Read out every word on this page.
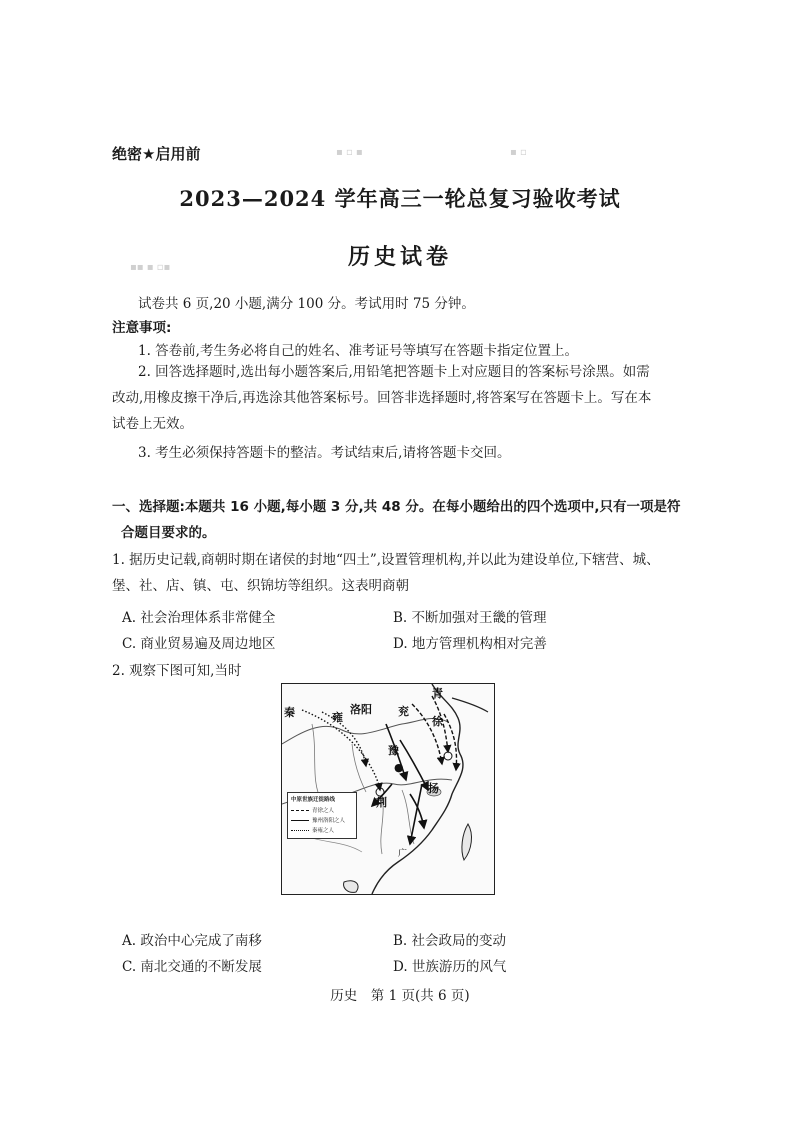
▪ ▫ ▪	▪ ▫
▪▪ ▪ ▫▪
绝密★启用前
2023—2024 学年高三一轮总复习验收考试
历史试卷
试卷共 6 页,20 小题,满分 100 分。考试用时 75 分钟。
注意事项:
1. 答卷前,考生务必将自己的姓名、准考证号等填写在答题卡指定位置上。
2. 回答选择题时,选出每小题答案后,用铅笔把答题卡上对应题目的答案标号涂黑。如需改动,用橡皮擦干净后,再选涂其他答案标号。回答非选择题时,将答案写在答题卡上。写在本试卷上无效。
3. 考生必须保持答题卡的整洁。考试结束后,请将答题卡交回。
一、选择题:本题共 16 小题,每小题 3 分,共 48 分。在每小题给出的四个选项中,只有一项是符合题目要求的。
1. 据历史记载,商朝时期在诸侯的封地“四土”,设置管理机构,并以此为建设单位,下辖营、城、堡、社、店、镇、屯、织锦坊等组织。这表明商朝
A. 社会治理体系非常健全	B. 不断加强对王畿的管理
C. 商业贸易遍及周边地区	D. 地方管理机构相对完善
2. 观察下图可知,当时
青
秦	雍
洛阳 兖
徐
豫
●
荆
扬
广
中原世族迁徙路线
青徐之人
豫州洛阳之人
秦雍之人
A. 政治中心完成了南移	B. 社会政局的变动
C. 南北交通的不断发展	D. 世族游历的风气
历史　第 1 页(共 6 页)
